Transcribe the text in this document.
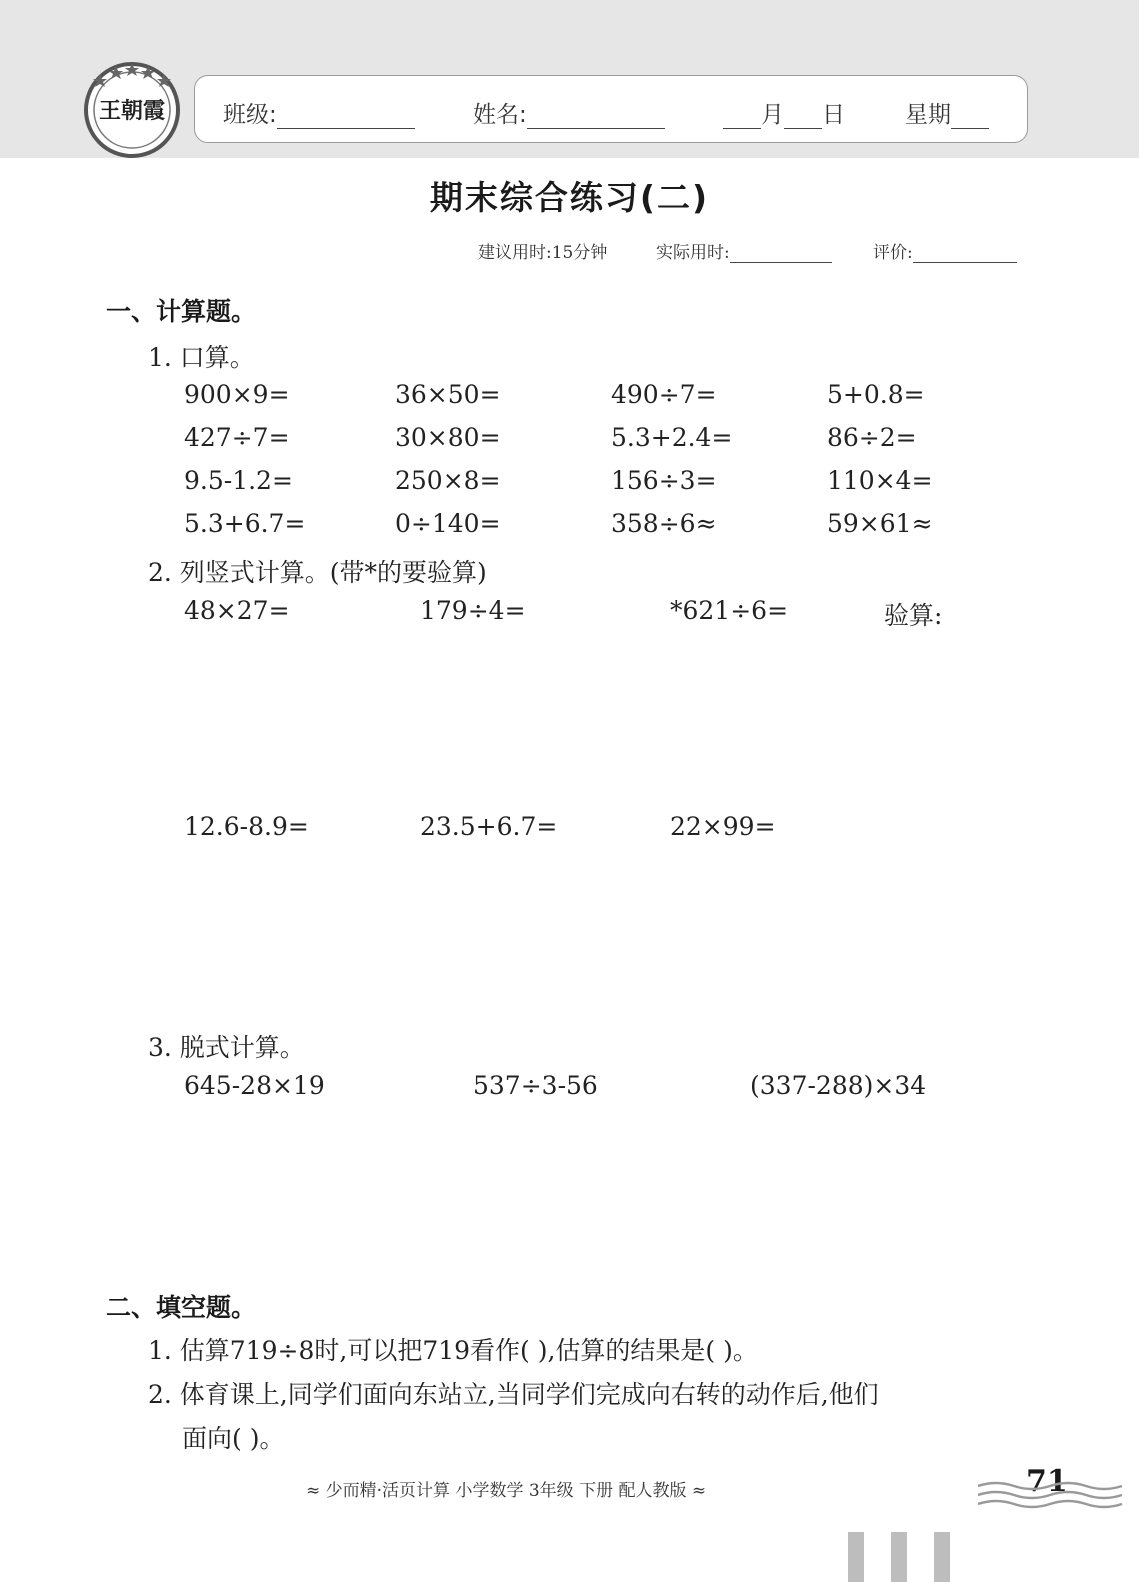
王朝霞	班级:	姓名:	月 日	星期
期末综合练习(二)
建议用时:15分钟	实际用时:	评价:
一、计算题。
1. 口算。
900×9=	36×50=	490÷7=	5+0.8=
427÷7=	30×80=	5.3+2.4=	86÷2=
9.5-1.2=	250×8=	156÷3=	110×4=
5.3+6.7=	0÷140=	358÷6≈	59×61≈
2. 列竖式计算。(带*的要验算)
48×27=	179÷4=	*621÷6=	验算:
12.6-8.9=	23.5+6.7=	22×99=
3. 脱式计算。
645-28×19	537÷3-56	(337-288)×34
二、填空题。
1. 估算719÷8时,可以把719看作( ),估算的结果是( )。
2. 体育课上,同学们面向东站立,当同学们完成向右转的动作后,他们
面向( )。
≈ 少而精·活页计算 小学数学 3年级 下册 配人教版 ≈	71
